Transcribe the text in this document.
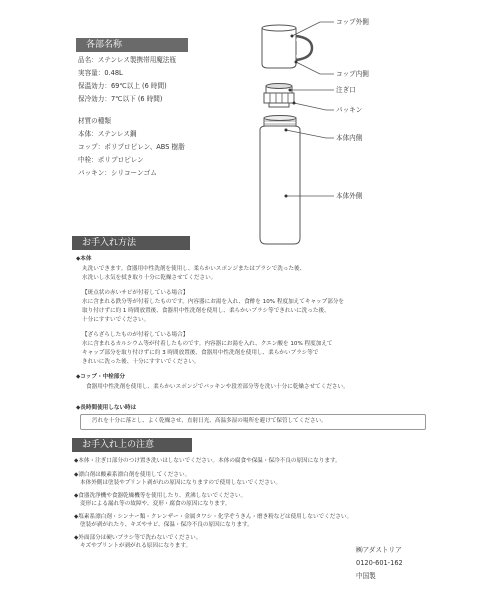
各部名称
品名：ステンレス製携帯用魔法瓶
実容量：0.48L
保温効力：69℃以上 (6 時間)
保冷効力：7℃以下 (6 時間)
材質の種類
本体：ステンレス鋼
コップ：ポリプロピレン、ABS 樹脂
中栓：ポリプロピレン
パッキン：シリコーンゴム
コップ外側
コップ内側
注ぎ口
パッキン
本体内側
本体外側
お手入れ方法
◆本体
丸洗いできます。食器用中性洗剤を使用し、柔らかいスポンジまたはブラシで洗った後、
水洗いし水気を拭き取り十分に乾燥させてください。
【斑点状の赤いサビが付着している場合】
水に含まれる鉄分等が付着したものです。内容器にお湯を入れ、食酢を 10% 程度加えてキャップ部分を
取り付けずに約 1 時間放置後、食器用中性洗剤を使用し、柔らかいブラシ等できれいに洗った後、
十分にすすいでください。
【ざらざらしたものが付着している場合】
水に含まれるカルシウム等が付着したものです。内容器にお湯を入れ、クエン酸を 10% 程度加えて
キャップ部分を取り付けずに約 3 時間放置後、食器用中性洗剤を使用し、柔らかいブラシ等で
きれいに洗った後、十分にすすいでください。
◆コップ・中栓部分
食器用中性洗剤を使用し、柔らかいスポンジでパッキンや段差部分等を洗い十分に乾燥させてください。
◆長時間使用しない時は
汚れを十分に落とし、よく乾燥させ、直射日光、高温多湿の場所を避けて保管してください。
お手入れ上の注意
◆本体・注ぎ口部分のつけ置き洗いはしないでください。本体の腐食や保温・保冷不良の原因になります。
◆漂白剤は酸素系漂白剤を使用してください。
本体外側は塗装やプリント剥がれの原因になりますので使用しないでください。
◆食器洗浄機や食器乾燥機等を使用したり、煮沸しないでください。
変形による漏れ等の故障や、変形・腐食の原因になります。
◆塩素系漂白剤・シンナー類・クレンザー・金属タワシ・化学ぞうきん・磨き粉などは使用しないでください。
塗装が剥がれたり、キズやサビ、保温・保冷不良の原因になります。
◆外面部分は硬いブラシ等で洗わないでください。
キズやプリントが剥がれる原因になります。	㈱アダストリア
0120-601-162
中国製
